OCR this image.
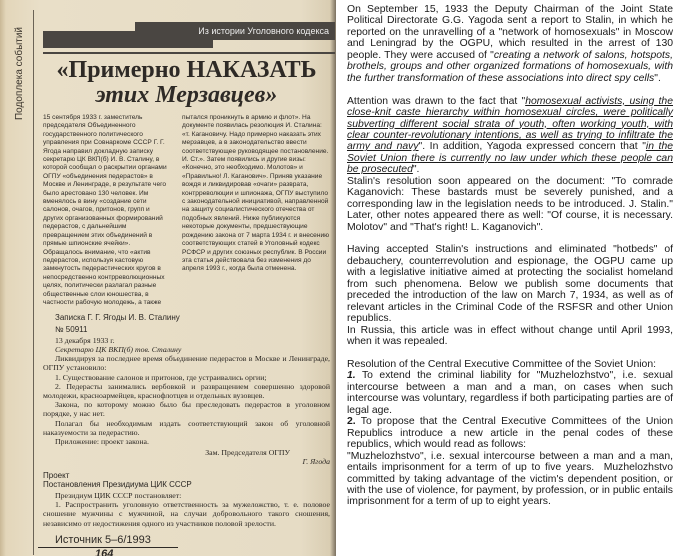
Подоплека событий	Из истории Уголовного кодекса
«Примерно НАКАЗАТЬ
этих Мерзавцев»
15 сентября 1933 г. заместитель председателя Объединенного государственного политического управления при Совнаркоме СССР Г. Г. Ягода направил докладную записку секретарю ЦК ВКП(б) И. В. Сталину, в которой сообщал о раскрытии органами ОГПУ «объединения педерастов» в Москве и Ленинграде, в результате чего было арестовано 130 человек. Им вменялось в вину «создание сети салонов, очагов, притонов, групп и других организованных формирований педерастов, с дальнейшим превращением этих объединений в прямые шпионские ячейки». Обращалось внимание, что «актив педерастов, используя кастовую замкнутость педерастических кругов в непосредственно контрреволюционных целях, политически разлагал разные общественные слои юношества, в частности рабочую молодежь, а также
пытался проникнуть в армию и флот». На документе появилась резолюция И. Сталина: «т. Кагановичу. Надо примерно наказать этих мерзавцев, а в законодательство ввести соответствующее руководящее постановление. И. Ст.». Затем появились и другие визы: «Конечно, это необходимо. Молотов» и «Правильно! Л. Каганович». Приняв указание вождя и ликвидировав «очаги» разврата, контрреволюции и шпионажа, ОГПУ выступило с законодательной инициативой, направленной на защиту социалистического отечества от подобных явлений. Ниже публикуются некоторые документы, предшествующие рождению закона от 7 марта 1934 г. и внесению соответствующих статей в Уголовный кодекс РСФСР и других союзных республик. В России эта статья действовала без изменения до апреля 1993 г., когда была отменена.
Записка Г. Г. Ягоды И. В. Сталину
№ 50911
13 декабря 1933 г.
Секретарю ЦК ВКП(б) тов. Сталину

Ликвидируя за последнее время объединение педерастов в Москве и Ленинграде, ОГПУ установило:

1. Существование салонов и притонов, где устраивались оргии;

2. Педерасты занимались вербовкой и развращением совершенно здоровой молодежи, красноармейцев, краснофлотцев и отдельных вузовцев.

Закона, по которому можно было бы преследовать педерастов в уголовном порядке, у нас нет.

Полагал бы необходимым издать соответствующий закон об уголовной наказуемости за педерастию.

Приложение: проект закона.

Зам. Председателя ОГПУ
Г. Ягода
Проект
Постановления Президиума ЦИК СССР
Президиум ЦИК СССР постановляет:

1. Распространить уголовную ответственность за мужеложство, т. е. половое сношение мужчины с мужчиной, на случаи добровольного такого сношения, независимо от недостижения одного из участников половой зрелости.

Источник 5–6/1993
164

On September 15, 1933 the Deputy Chairman of the Joint State Political Directorate G.G. Yagoda sent a report to Stalin, in which he reported on the unravelling of a "network of homosexuals" in Moscow and Leningrad by the OGPU, which resulted in the arrest of 130 people. They were accused of "creating a network of salons, hotspots, brothels, groups and other organized formations of homosexuals, with the further transformation of these associations into direct spy cells".

Attention was drawn to the fact that "homosexual activists, using the close-knit caste hierarchy within homosexual circles, were politically subverting different social strata of youth, often working youth, with clear counter-revolutionary intentions, as well as trying to infiltrate the army and navy". In addition, Yagoda expressed concern that "in the Soviet Union there is currently no law under which these people can be prosecuted".

Stalin's resolution soon appeared on the document: "To comrade Kaganovich: These bastards must be severely punished, and a corresponding law in the legislation needs to be introduced. J. Stalin." Later, other notes appeared there as well: "Of course, it is necessary. Molotov" and "That's right! L. Kaganovich".

Having accepted Stalin's instructions and eliminated "hotbeds" of debauchery, counterrevolution and espionage, the OGPU came up with a legislative initiative aimed at protecting the socialist homeland from such phenomena. Below we publish some documents that preceded the introduction of the law on March 7, 1934, as well as of relevant articles in the Criminal Code of the RSFSR and other Union republics.

In Russia, this article was in effect without change until April 1993, when it was repealed.

Resolution of the Central Executive Committee of the Soviet Union:

1. To extend the criminal liability for "Muzhelozhstvo", i.e. sexual intercourse between a man and a man, on cases when such intercourse was voluntary, regardless if both participating parties are of legal age.

2. To propose that the Central Executive Committees of the Union Republics introduce a new article in the penal codes of these republics, which would read as follows:

"Muzhelozhstvo", i.e. sexual intercourse between a man and a man, entails imprisonment for a term of up to five years.  Muzhelozhstvo committed by taking advantage of the victim's dependent position, or with the use of violence, for payment, by profession, or in public entails imprisonment for a term of up to eight years.
